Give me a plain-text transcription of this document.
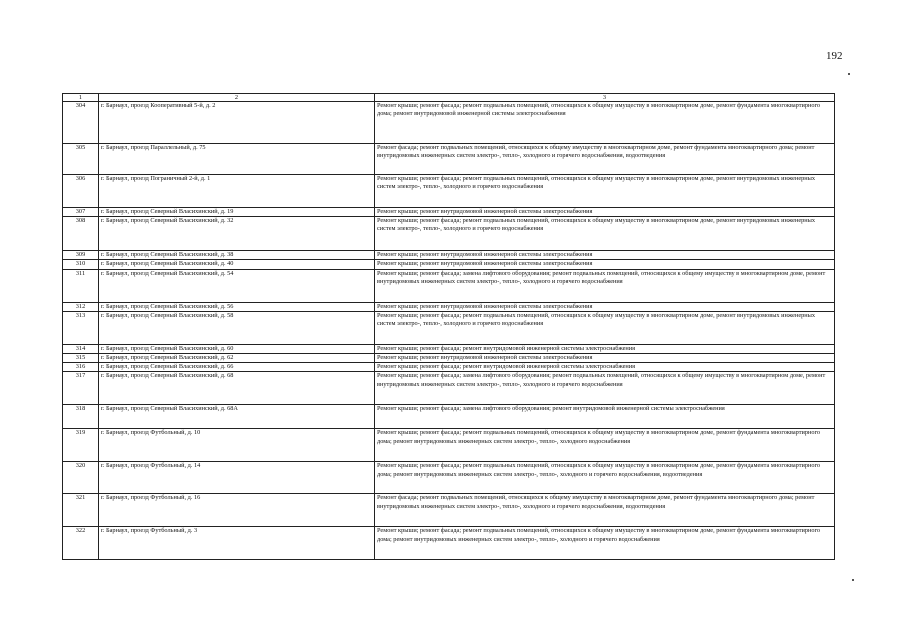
192
1	2	3
304	г. Барнаул, проезд Кооперативный 5-й, д. 2	Ремонт крыши; ремонт фасада; ремонт подвальных помещений, относящихся к общему имуществу в многоквартирном доме, ремонт фундамента многоквартирного дома; ремонт внутридомовой инженерной системы электроснабжения
305	г. Барнаул, проезд Параллельный, д. 75	Ремонт фасада; ремонт подвальных помещений, относящихся к общему имуществу в многоквартирном доме, ремонт фундамента многоквартирного дома; ремонт внутридомовых инженерных систем электро-, тепло-, холодного и горячего водоснабжения, водоотведения
306	г. Барнаул, проезд Пограничный 2-й, д. 1	Ремонт крыши; ремонт фасада; ремонт подвальных помещений, относящихся к общему имуществу в многоквартирном доме, ремонт внутридомовых инженерных систем электро-, тепло-, холодного и горячего водоснабжения
307	г. Барнаул, проезд Северный Власихинский, д. 19	Ремонт крыши; ремонт внутридомовой инженерной системы электроснабжения
308	г. Барнаул, проезд Северный Власихинский, д. 32	Ремонт крыши; ремонт фасада; ремонт подвальных помещений, относящихся к общему имуществу в многоквартирном доме, ремонт внутридомовых инженерных систем электро-, тепло-, холодного и горячего водоснабжения
309	г. Барнаул, проезд Северный Власихинский, д. 38	Ремонт крыши; ремонт внутридомовой инженерной системы электроснабжения
310	г. Барнаул, проезд Северный Власихинский, д. 40	Ремонт крыши; ремонт внутридомовой инженерной системы электроснабжения
311	г. Барнаул, проезд Северный Власихинский, д. 54	Ремонт крыши; ремонт фасада; замена лифтового оборудования; ремонт подвальных помещений, относящихся к общему имуществу в многоквартирном доме, ремонт внутридомовых инженерных систем электро-, тепло-, холодного и горячего водоснабжения
312	г. Барнаул, проезд Северный Власихинский, д. 56	Ремонт крыши; ремонт внутридомовой инженерной системы электроснабжения
313	г. Барнаул, проезд Северный Власихинский, д. 58	Ремонт крыши; ремонт фасада; ремонт подвальных помещений, относящихся к общему имуществу в многоквартирном доме, ремонт внутридомовых инженерных систем электро-, тепло-, холодного и горячего водоснабжения
314	г. Барнаул, проезд Северный Власихинский, д. 60	Ремонт крыши; ремонт фасада; ремонт внутридомовой инженерной системы электроснабжения
315	г. Барнаул, проезд Северный Власихинский, д. 62	Ремонт крыши; ремонт внутридомовой инженерной системы электроснабжения
316	г. Барнаул, проезд Северный Власихинский, д. 66	Ремонт крыши; ремонт фасада; ремонт внутридомовой инженерной системы электроснабжения
317	г. Барнаул, проезд Северный Власихинский, д. 68	Ремонт крыши; ремонт фасада; замена лифтового оборудования; ремонт подвальных помещений, относящихся к общему имуществу в многоквартирном доме, ремонт внутридомовых инженерных систем электро-, тепло-, холодного и горячего водоснабжения
318	г. Барнаул, проезд Северный Власихинский, д. 68А	Ремонт крыши; ремонт фасада; замена лифтового оборудования; ремонт внутридомовой инженерной системы электроснабжения
319	г. Барнаул, проезд Футбольный, д. 10	Ремонт крыши; ремонт фасада; ремонт подвальных помещений, относящихся к общему имуществу в многоквартирном доме, ремонт фундамента многоквартирного дома; ремонт внутридомовых инженерных систем электро-, тепло-, холодного водоснабжения
320	г. Барнаул, проезд Футбольный, д. 14	Ремонт крыши; ремонт фасада; ремонт подвальных помещений, относящихся к общему имуществу в многоквартирном доме, ремонт фундамента многоквартирного дома; ремонт внутридомовых инженерных систем электро-, тепло-, холодного и горячего водоснабжения, водоотведения
321	г. Барнаул, проезд Футбольный, д. 16	Ремонт фасада; ремонт подвальных помещений, относящихся к общему имуществу в многоквартирном доме, ремонт фундамента многоквартирного дома; ремонт внутридомовых инженерных систем электро-, тепло-, холодного и горячего водоснабжения, водоотведения
322	г. Барнаул, проезд Футбольный, д. 3	Ремонт крыши; ремонт фасада; ремонт подвальных помещений, относящихся к общему имуществу в многоквартирном доме, ремонт фундамента многоквартирного дома; ремонт внутридомовых инженерных систем электро-, тепло-, холодного и горячего водоснабжения
